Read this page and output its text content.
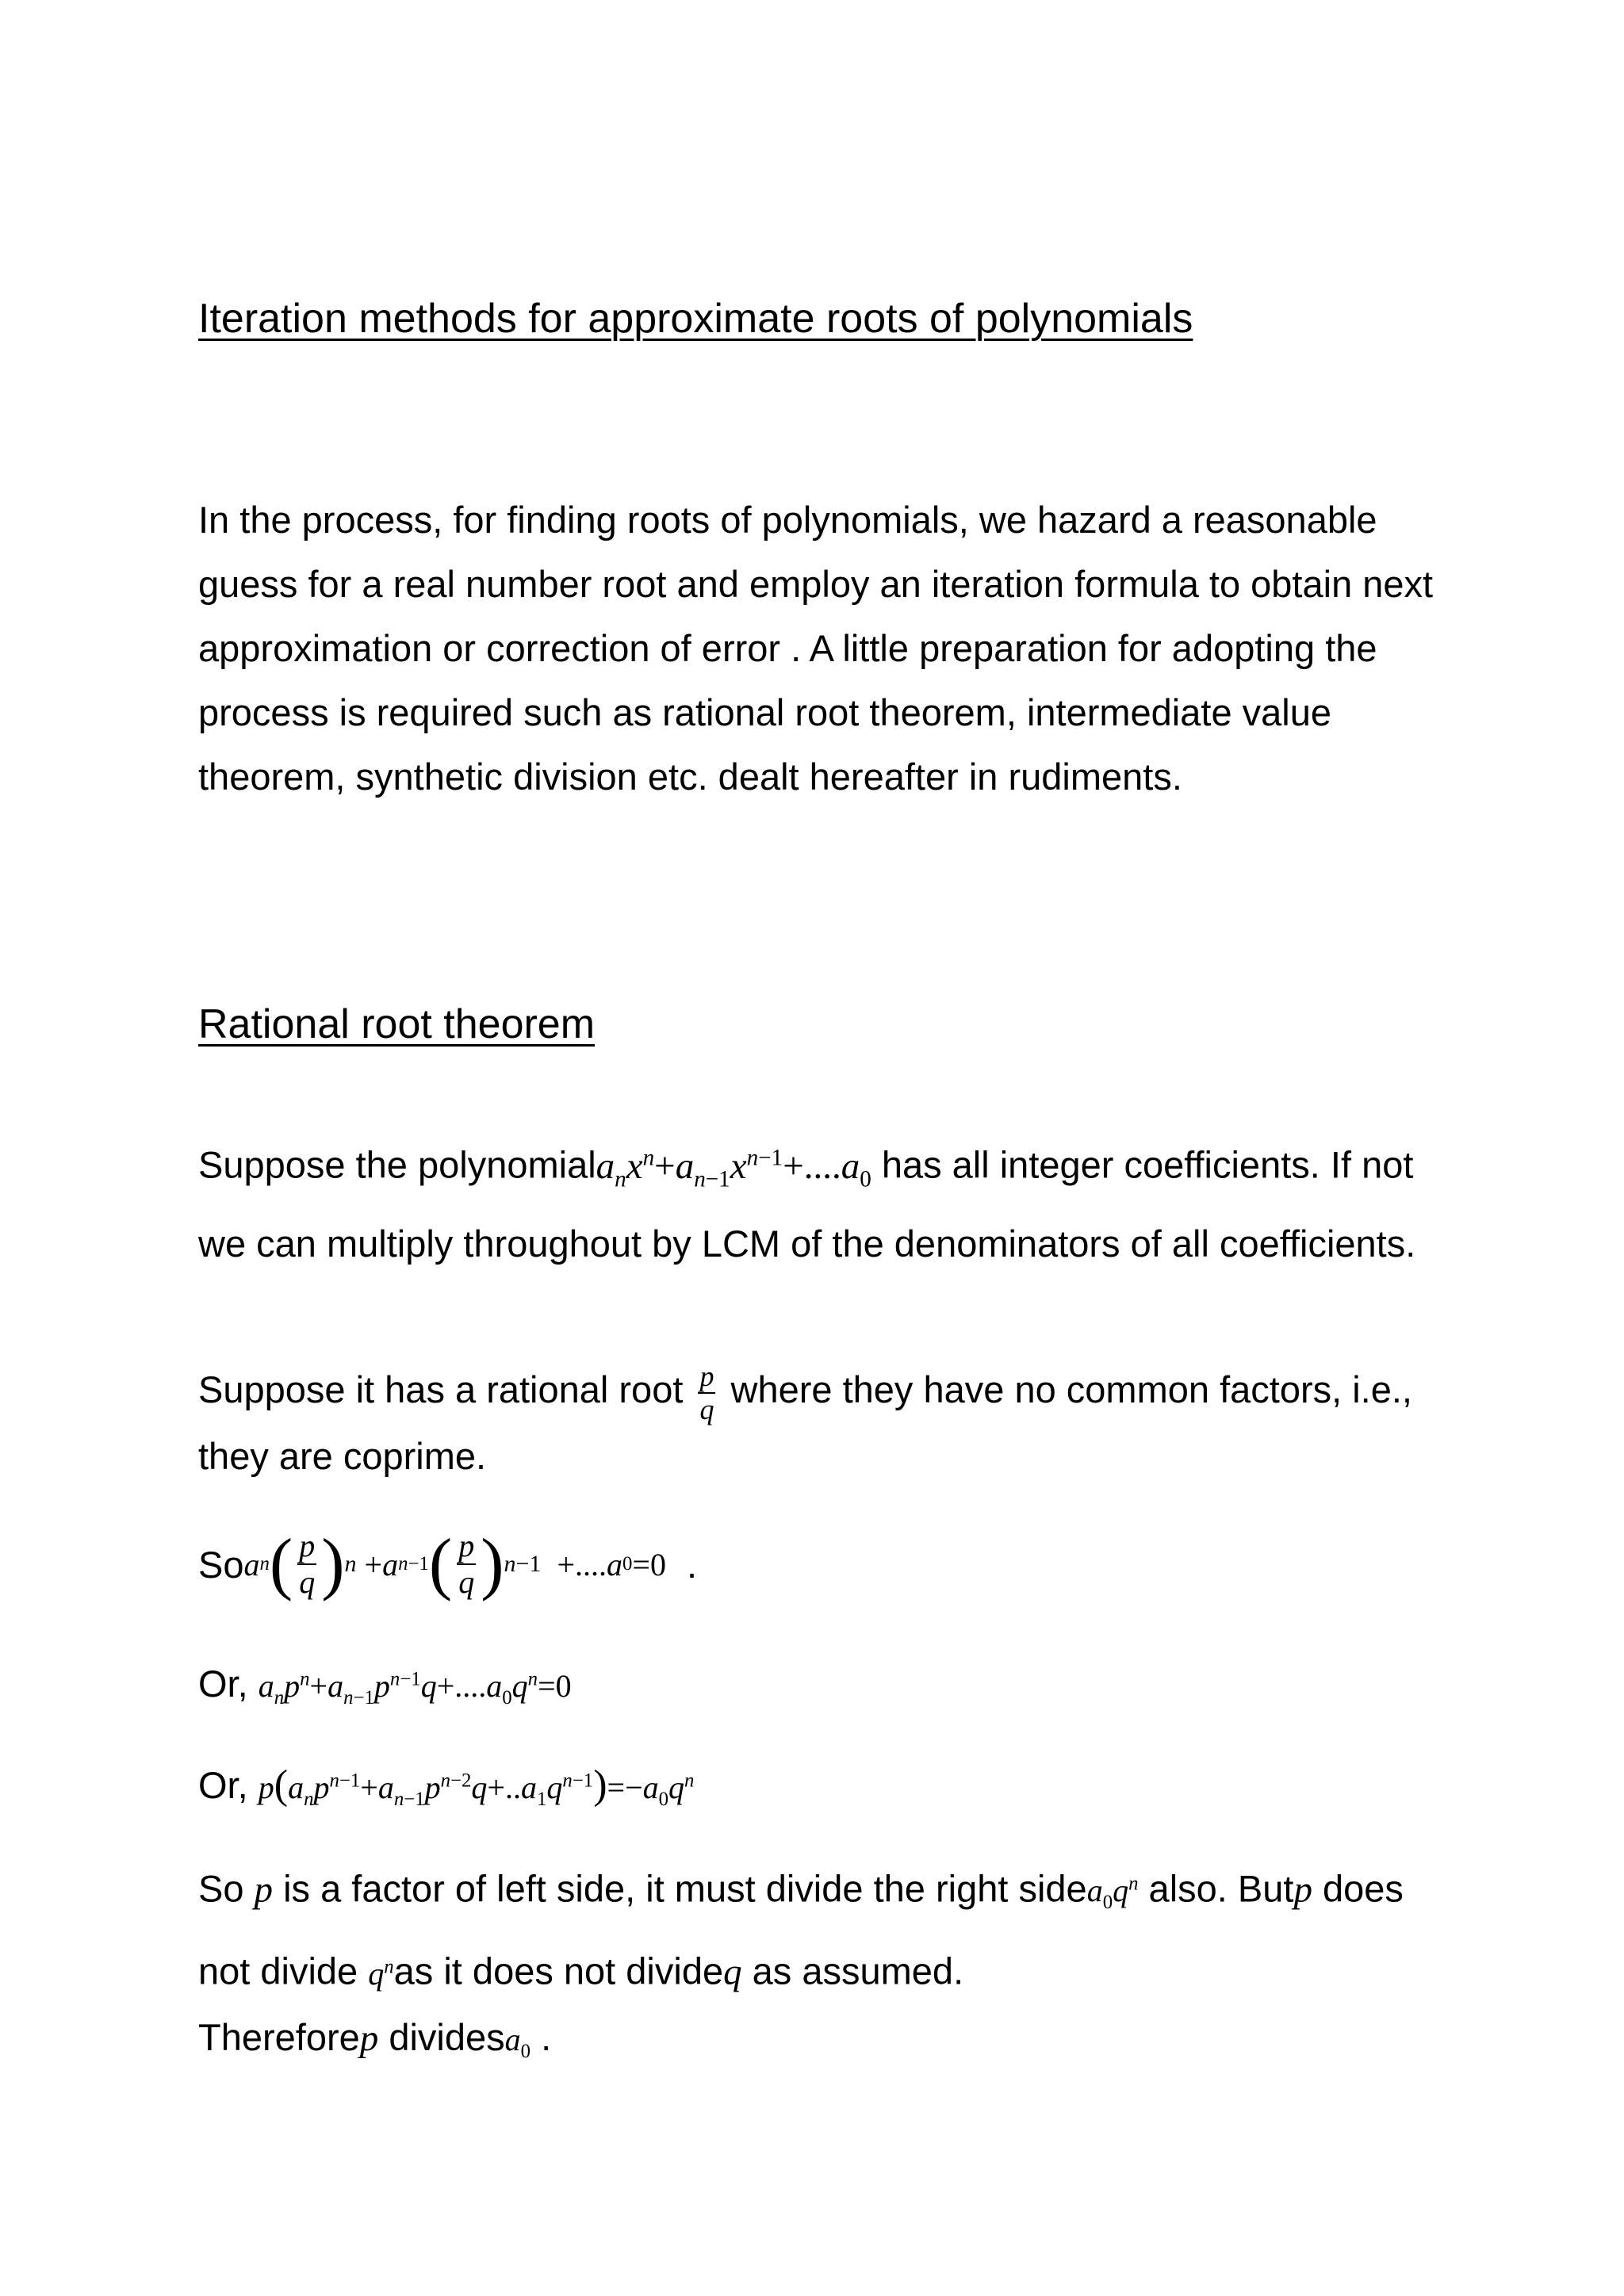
Iteration methods for approximate roots of polynomials
In the process, for finding roots of polynomials, we hazard a reasonable guess for a real number root and employ an iteration formula to obtain next approximation or correction of error . A little preparation for adopting the process is required such as rational root theorem, intermediate value theorem, synthetic division etc. dealt hereafter in rudiments.
Rational root theorem
Suppose the $polynomiala_nx^n+a_{n-1}x^{n-1}+....a_0$ has all integer coefficients. If not we can multiply throughout by LCM of the denominators of all coefficients.
Suppose it has a rational root $\frac{p}{q}$ where they have no common factors, i.e., they are coprime.
So a n ( $\frac{p}{q}$ ) n + a n−1 ( $\frac{p}{q}$ ) n−1 +.... a 0 =0 .
Or, $a_np^n+a_{n-1}p^{n-1}q+....a_0q^n=0$
Or, $p(a_np^{n-1}+a_{n-1}p^{n-2}q+..a_1q^{n-1})=-a_0q^n$
So p is a factor of left side, it must divide the right $sidea_0q^n$ also. Butp does not divide $q^nas$ it does not divideq as assumed.
Thereforep dividesa$_0$ .
